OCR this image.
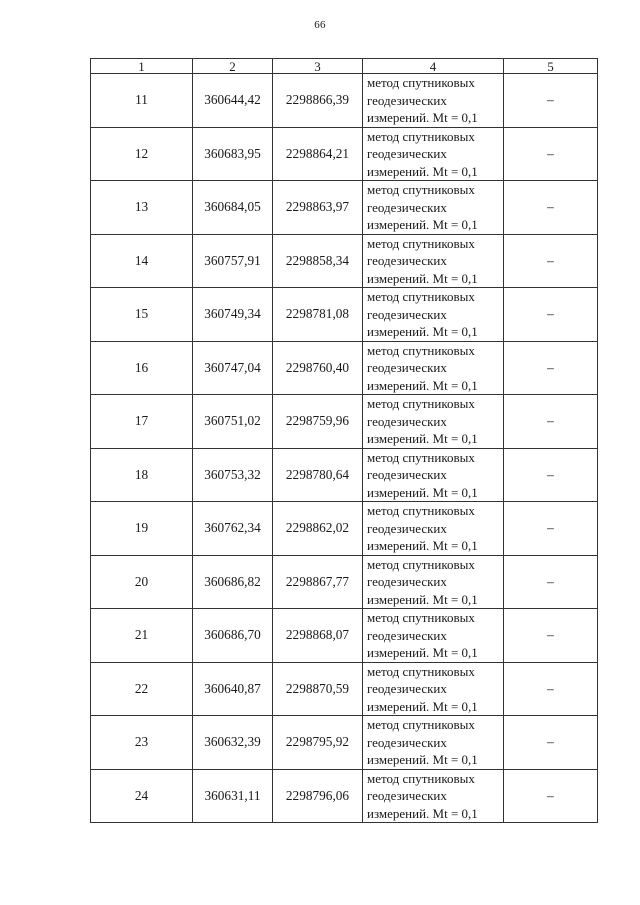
66
1	2	3	4	5
11	360644,42	2298866,39	метод спутниковых
геодезических
измерений. Mt = 0,1	–
12	360683,95	2298864,21	метод спутниковых
геодезических
измерений. Mt = 0,1	–
13	360684,05	2298863,97	метод спутниковых
геодезических
измерений. Mt = 0,1	–
14	360757,91	2298858,34	метод спутниковых
геодезических
измерений. Mt = 0,1	–
15	360749,34	2298781,08	метод спутниковых
геодезических
измерений. Mt = 0,1	–
16	360747,04	2298760,40	метод спутниковых
геодезических
измерений. Mt = 0,1	–
17	360751,02	2298759,96	метод спутниковых
геодезических
измерений. Mt = 0,1	–
18	360753,32	2298780,64	метод спутниковых
геодезических
измерений. Mt = 0,1	–
19	360762,34	2298862,02	метод спутниковых
геодезических
измерений. Mt = 0,1	–
20	360686,82	2298867,77	метод спутниковых
геодезических
измерений. Mt = 0,1	–
21	360686,70	2298868,07	метод спутниковых
геодезических
измерений. Mt = 0,1	–
22	360640,87	2298870,59	метод спутниковых
геодезических
измерений. Mt = 0,1	–
23	360632,39	2298795,92	метод спутниковых
геодезических
измерений. Mt = 0,1	–
24	360631,11	2298796,06	метод спутниковых
геодезических
измерений. Mt = 0,1	–
